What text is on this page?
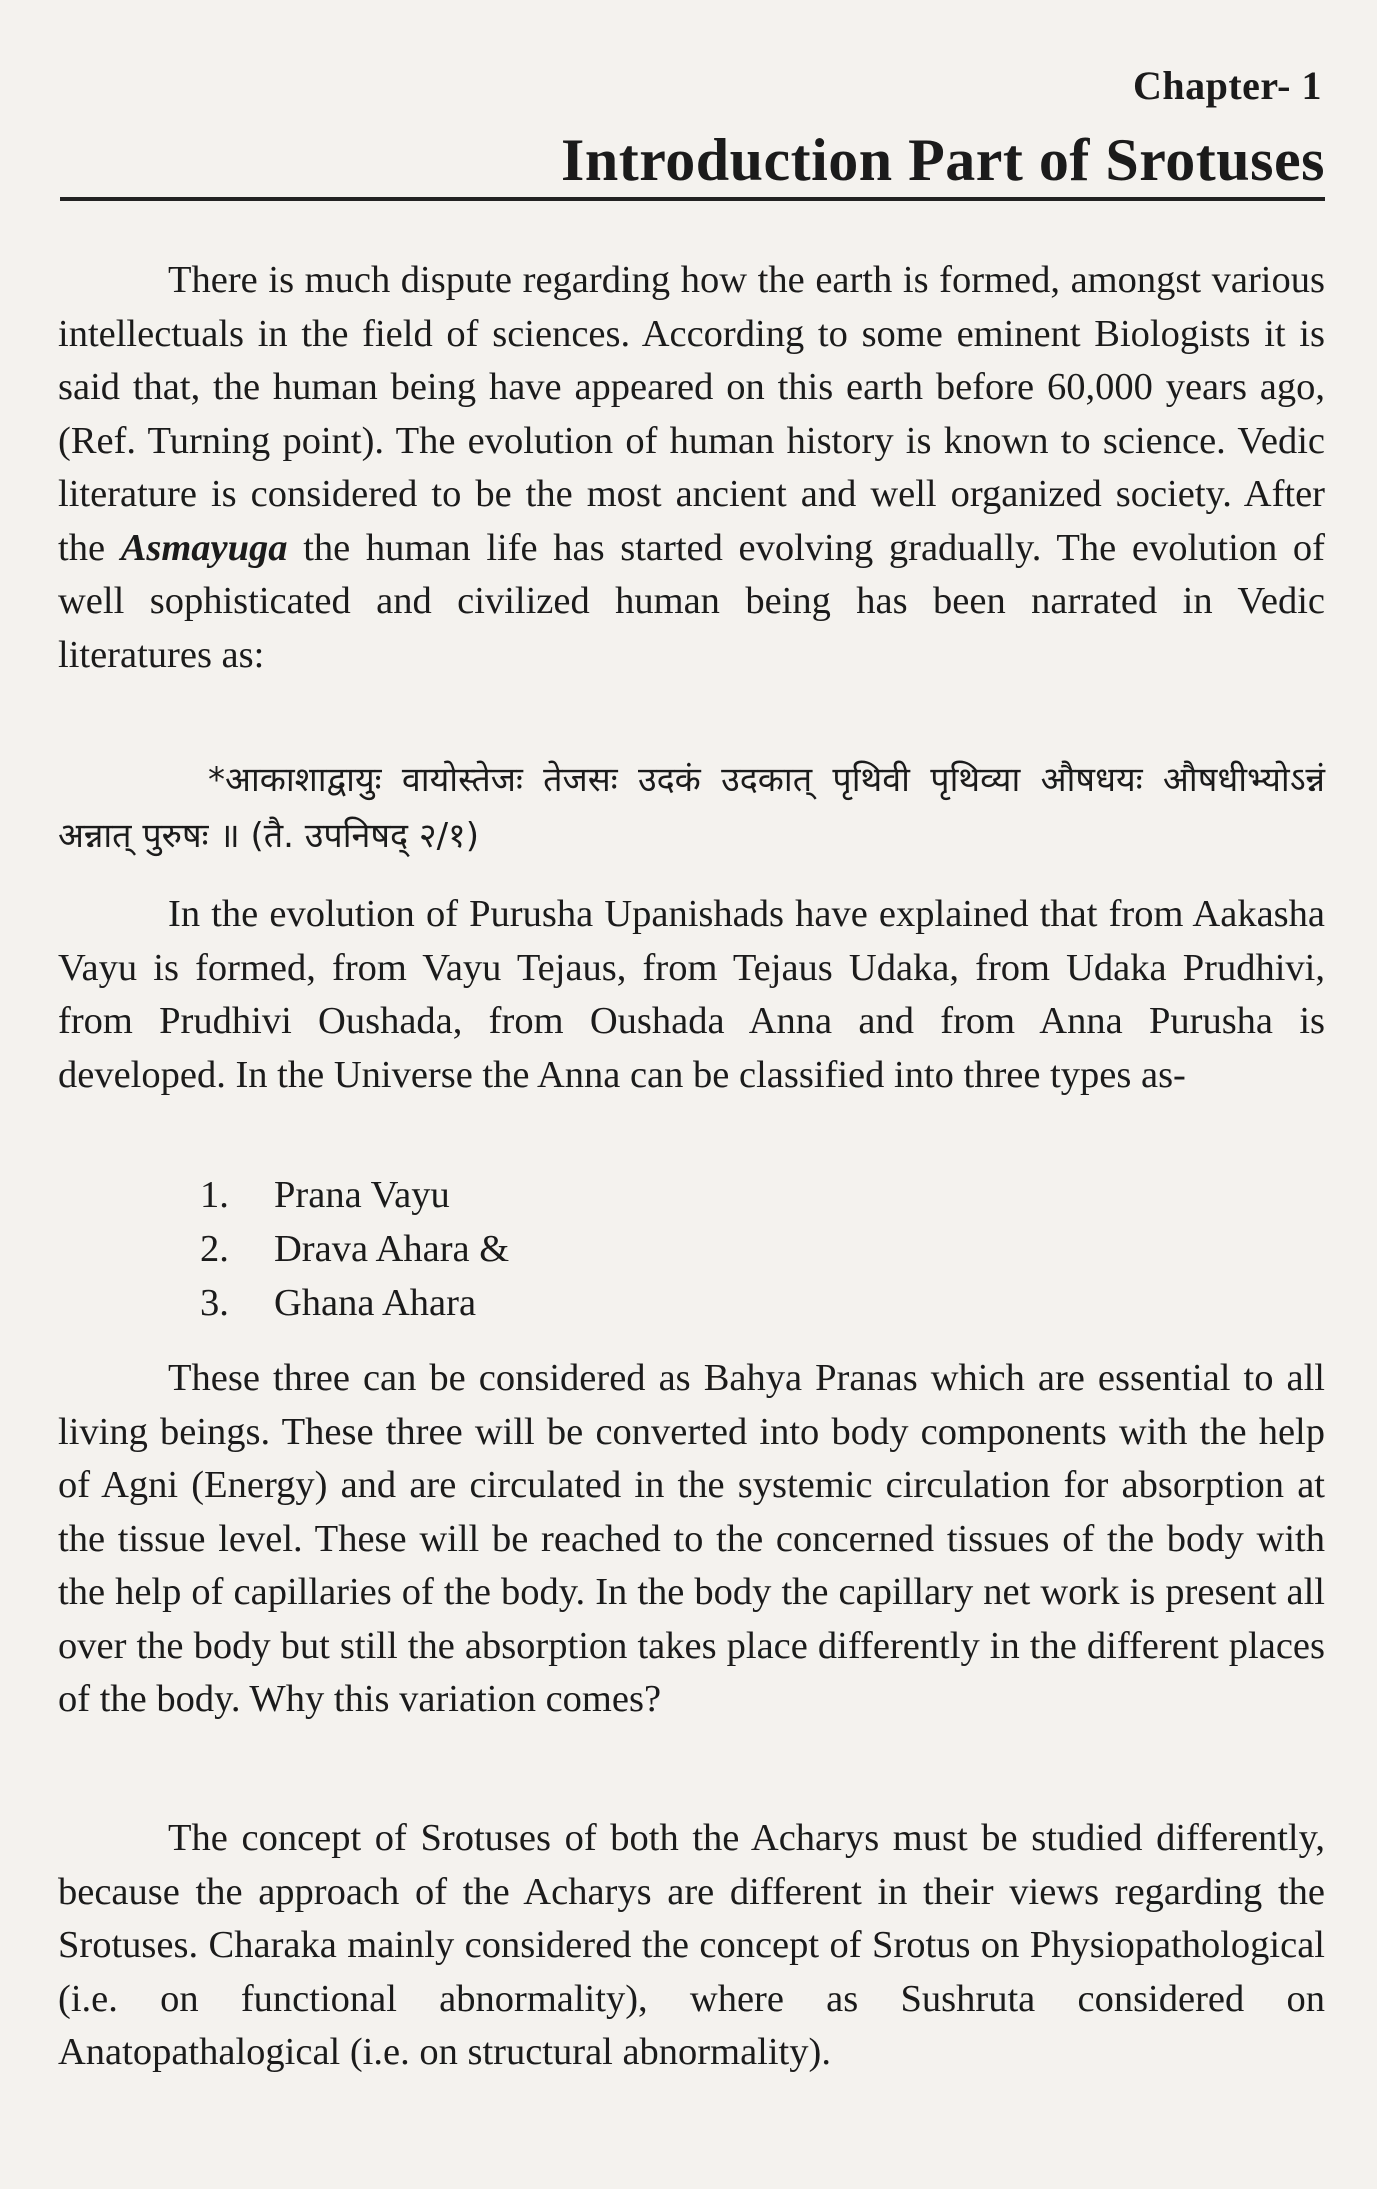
Chapter- 1
Introduction Part of Srotuses
There is much dispute regarding how the earth is formed, amongst various intellectuals in the field of sciences. According to some eminent Biologists it is said that, the human being have appeared on this earth before 60,000 years ago, (Ref. Turning point). The evolution of human history is known to science. Vedic literature is considered to be the most ancient and well organized society. After the Asmayuga the human life has started evolving gradually. The evolution of well sophisticated and civilized human being has been narrated in Vedic literatures as:
*आकाशाद्वायुः वायोस्तेजः तेजसः उदकं उदकात् पृथिवी पृथिव्या औषधयः औषधीभ्योऽन्नं अन्नात् पुरुषः ॥ (तै. उपनिषद् २/१)
In the evolution of Purusha Upanishads have explained that from Aakasha Vayu is formed, from Vayu Tejaus, from Tejaus Udaka, from Udaka Prudhivi, from Prudhivi Oushada, from Oushada Anna and from Anna Purusha is developed. In the Universe the Anna can be classified into three types as-
1. Prana Vayu
2. Drava Ahara &
3. Ghana Ahara
These three can be considered as Bahya Pranas which are essential to all living beings. These three will be converted into body components with the help of Agni (Energy) and are circulated in the systemic circulation for absorption at the tissue level. These will be reached to the concerned tissues of the body with the help of capillaries of the body. In the body the capillary net work is present all over the body but still the absorption takes place differently in the different places of the body. Why this variation comes?
The concept of Srotuses of both the Acharys must be studied differently, because the approach of the Acharys are different in their views regarding the Srotuses. Charaka mainly considered the concept of Srotus on Physiopathological (i.e. on functional abnormality), where as Sushruta considered on Anatopathalogical (i.e. on structural abnormality).
